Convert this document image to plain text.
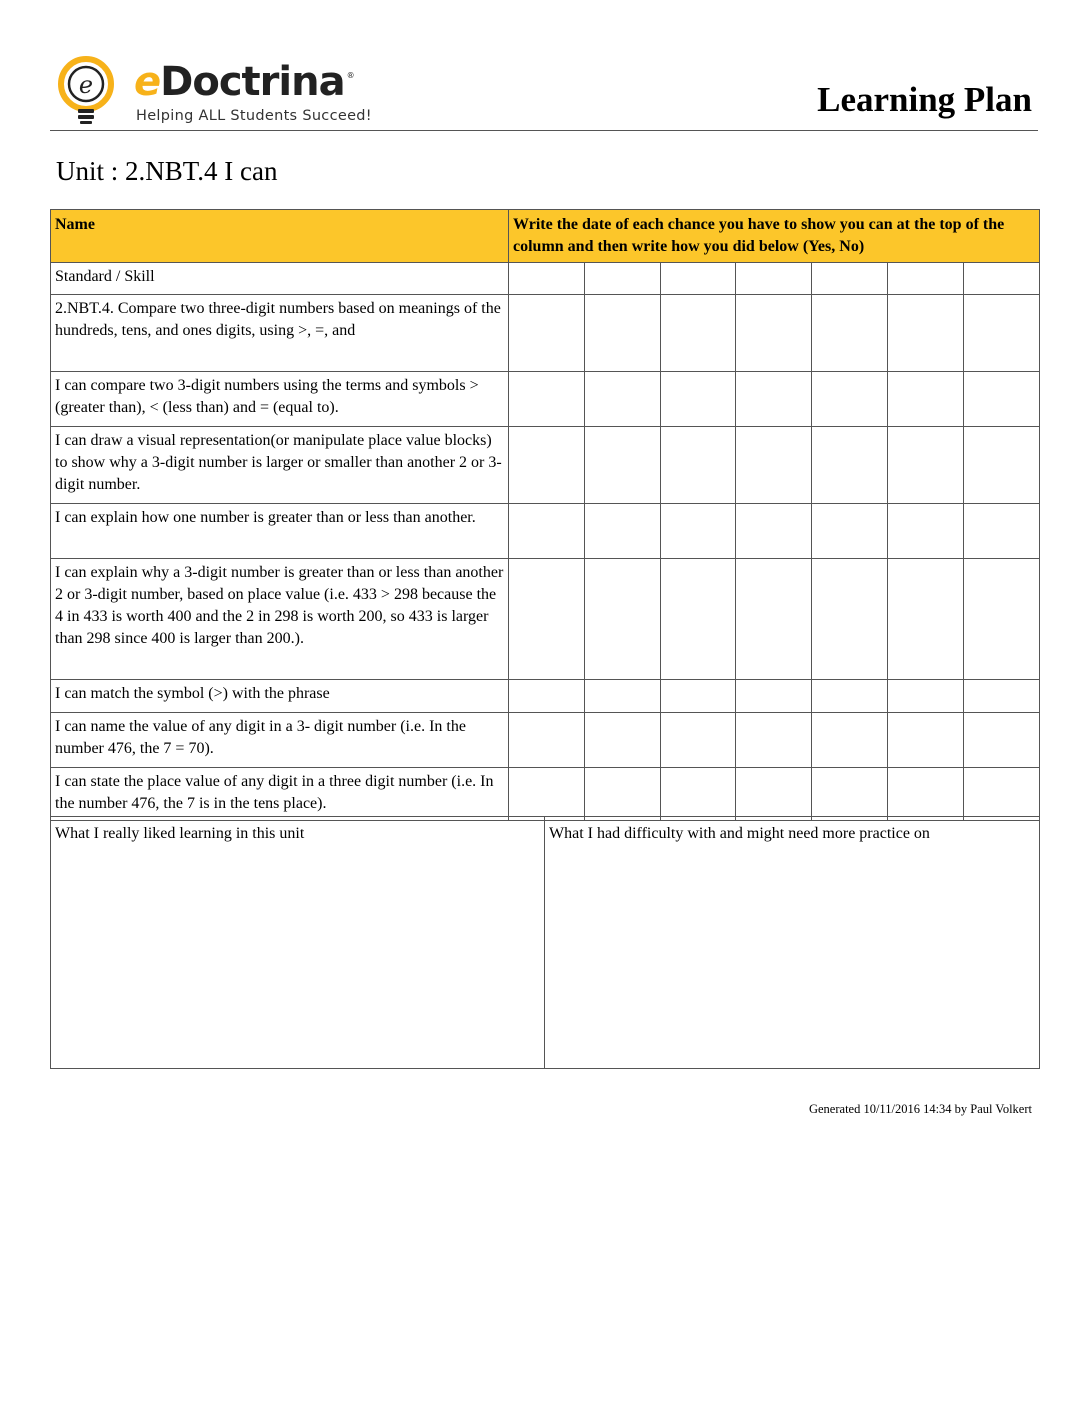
e eDoctrina ®
Helping ALL Students Succeed!	Learning Plan
Unit : 2.NBT.4 I can
Name	Write the date of each chance you have to show you can at the top of the column and then write how you did below (Yes, No)						
Standard / Skill							
2.NBT.4. Compare two three-digit numbers based on meanings of the hundreds, tens, and ones digits, using >, =, and							
I can compare two 3-digit numbers using the terms and symbols > (greater than), < (less than) and = (equal to).							
I can draw a visual representation(or manipulate place value blocks) to show why a 3-digit number is larger or smaller than another 2 or 3-digit number.							
I can explain how one number is greater than or less than another.							
I can explain why a 3-digit number is greater than or less than another 2 or 3-digit number, based on place value (i.e. 433 > 298 because the 4 in 433 is worth 400 and the 2 in 298 is worth 200, so 433 is larger than 298 since 400 is larger than 200.).							
I can match the symbol (>) with the phrase							
I can name the value of any digit in a 3- digit number (i.e. In the number 476, the 7 = 70).							
I can state the place value of any digit in a three digit number (i.e. In the number 476, the 7 is in the tens place).							
What I really liked learning in this unit	What I had difficulty with and might need more practice on
Generated 10/11/2016 14:34 by Paul Volkert
